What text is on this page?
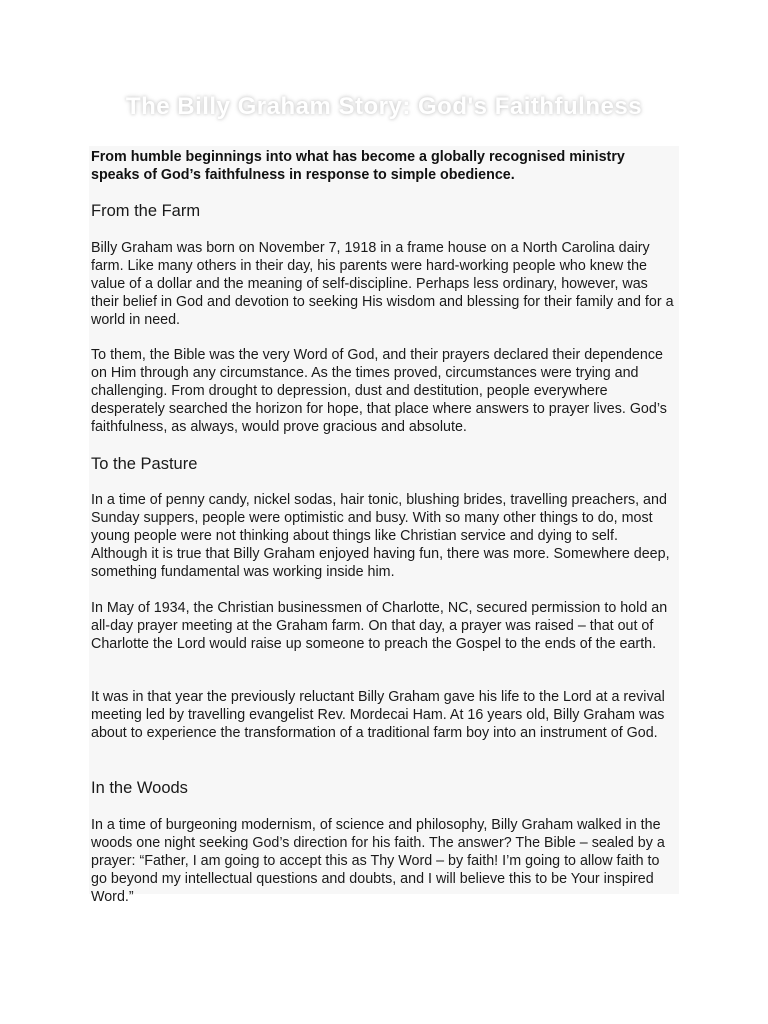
The Billy Graham Story: God's Faithfulness
From humble beginnings into what has become a globally recognised ministry speaks of God’s faithfulness in response to simple obedience.
From the Farm
Billy Graham was born on November 7, 1918 in a frame house on a North Carolina dairy farm. Like many others in their day, his parents were hard-working people who knew the value of a dollar and the meaning of self-discipline. Perhaps less ordinary, however, was their belief in God and devotion to seeking His wisdom and blessing for their family and for a world in need.
To them, the Bible was the very Word of God, and their prayers declared their dependence on Him through any circumstance. As the times proved, circumstances were trying and challenging. From drought to depression, dust and destitution, people everywhere desperately searched the horizon for hope, that place where answers to prayer lives. God’s faithfulness, as always, would prove gracious and absolute.
To the Pasture
In a time of penny candy, nickel sodas, hair tonic, blushing brides, travelling preachers, and Sunday suppers, people were optimistic and busy. With so many other things to do, most young people were not thinking about things like Christian service and dying to self. Although it is true that Billy Graham enjoyed having fun, there was more. Somewhere deep, something fundamental was working inside him.
In May of 1934, the Christian businessmen of Charlotte, NC, secured permission to hold an all-day prayer meeting at the Graham farm. On that day, a prayer was raised – that out of Charlotte the Lord would raise up someone to preach the Gospel to the ends of the earth.
It was in that year the previously reluctant Billy Graham gave his life to the Lord at a revival meeting led by travelling evangelist Rev. Mordecai Ham. At 16 years old, Billy Graham was about to experience the transformation of a traditional farm boy into an instrument of God.
In the Woods
In a time of burgeoning modernism, of science and philosophy, Billy Graham walked in the woods one night seeking God’s direction for his faith. The answer? The Bible – sealed by a prayer: “Father, I am going to accept this as Thy Word – by faith! I’m going to allow faith to go beyond my intellectual questions and doubts, and I will believe this to be Your inspired Word.”
